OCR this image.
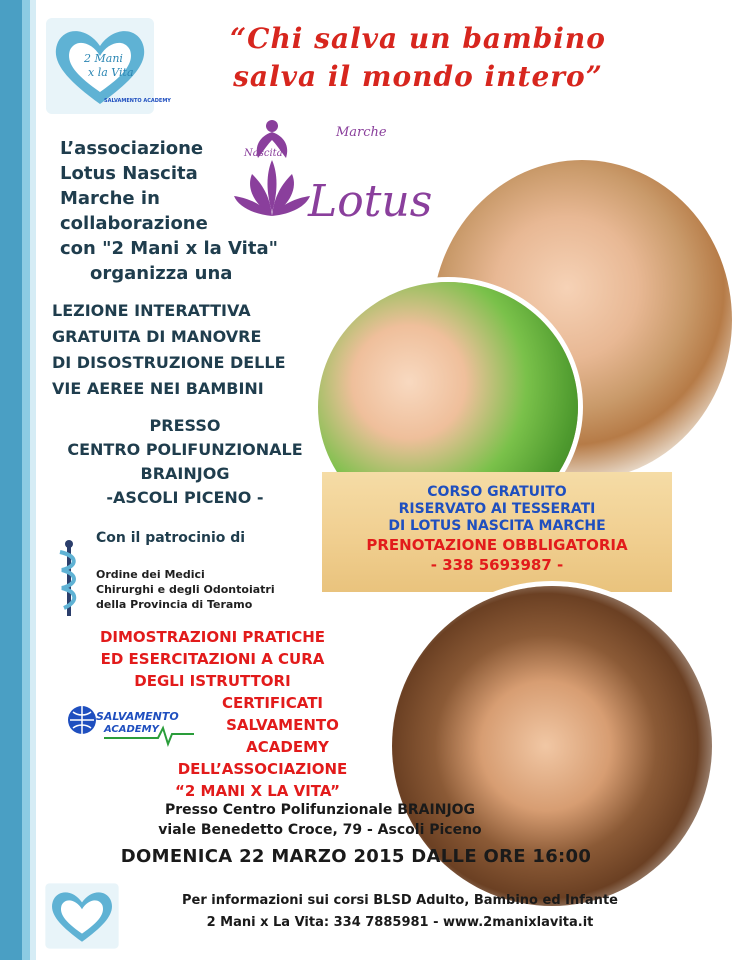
2 Mani
x la Vita
SALVAMENTO ACADEMY
“Chi salva un bambino
salva il mondo intero”
Marche
Nascita
Lotus
L’associazione
Lotus Nascita
Marche in
collaborazione
con "2 Mani x la Vita"
organizza una
LEZIONE INTERATTIVA
GRATUITA DI MANOVRE
DI DISOSTRUZIONE DELLE
VIE AEREE NEI BAMBINI
PRESSO
CENTRO POLIFUNZIONALE
BRAINJOG
-ASCOLI PICENO -	CORSO GRATUITO

RISERVATO AI TESSERATI

DI LOTUS NASCITA MARCHE

PRENOTAZIONE OBBLIGATORIA

- 338 5693987 -

Con il patrocinio di
Ordine dei Medici
Chirurghi e degli Odontoiatri
della Provincia di Teramo
DIMOSTRAZIONI PRATICHE
ED ESERCITAZIONI A CURA
DEGLI ISTRUTTORI
CERTIFICATI
SALVAMENTO
ACADEMY
DELL’ASSOCIAZIONE
“2 MANI X LA VITA”
SALVAMENTO
ACADEMY
Presso Centro Polifunzionale BRAINJOG
viale Benedetto Croce, 79 - Ascoli Piceno
DOMENICA 22 MARZO 2015 DALLE ORE 16:00
Per informazioni sui corsi BLSD Adulto, Bambino ed Infante
2 Mani x La Vita: 334 7885981 - www.2manixlavita.it
